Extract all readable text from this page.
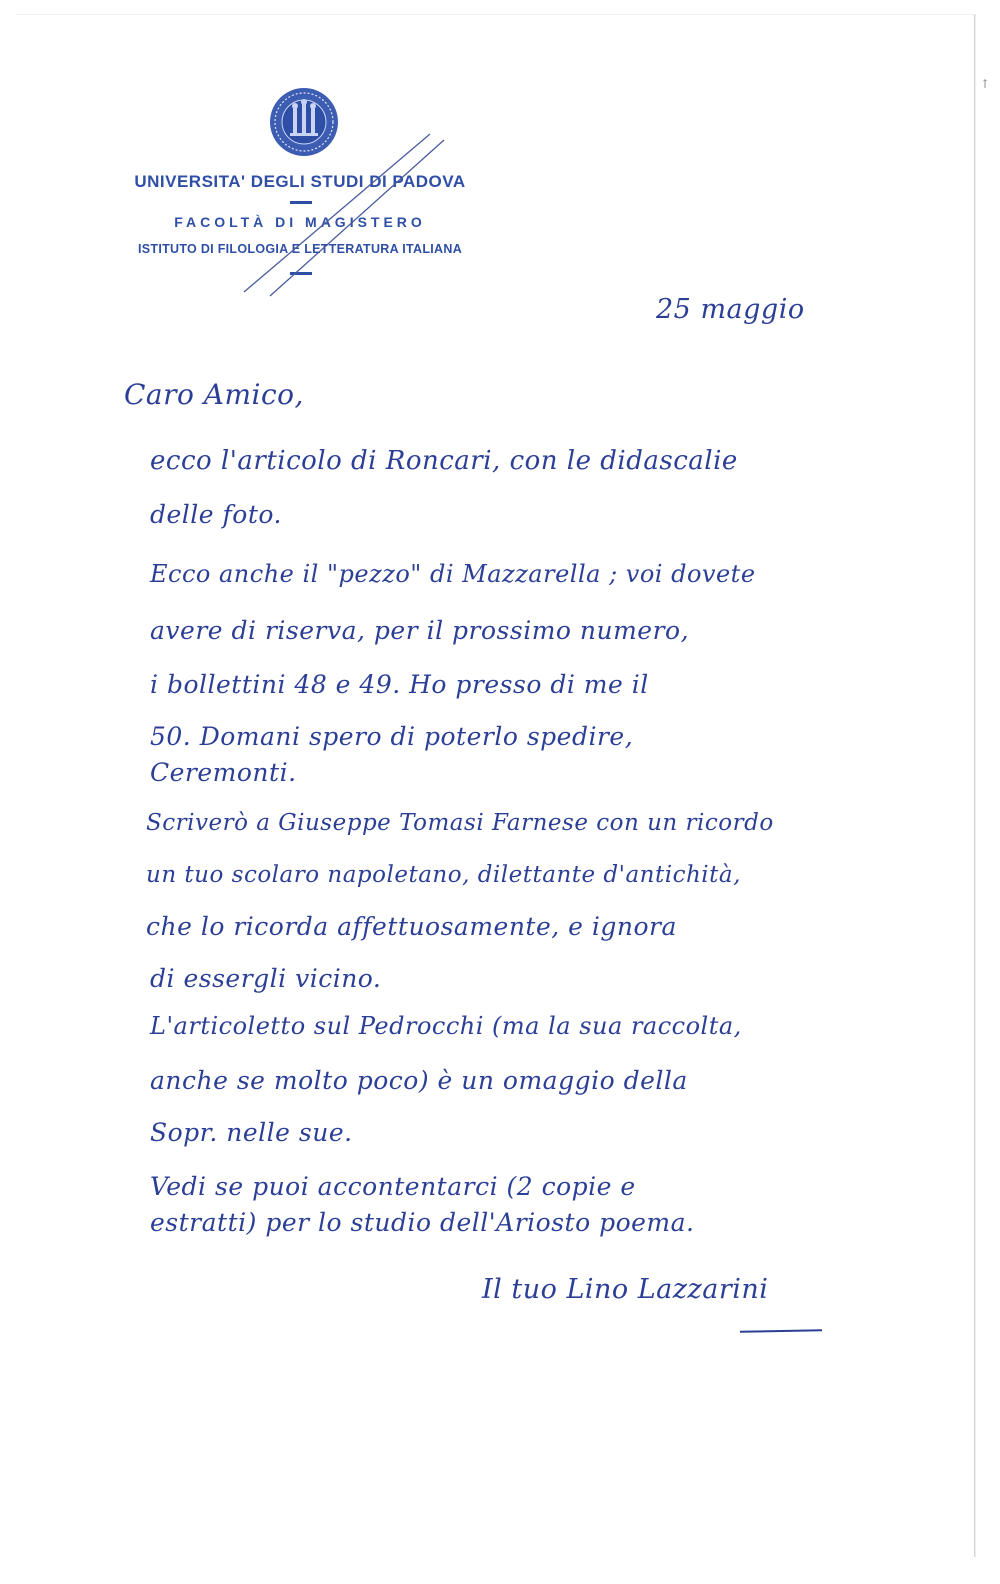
↑
UNIVERSITA' DEGLI STUDI DI PADOVA
FACOLTÀ DI MAGISTERO
ISTITUTO DI FILOLOGIA E LETTERATURA ITALIANA
25 maggio
Caro Amico,
ecco l'articolo di Roncari, con le didascalie
delle foto.
Ecco anche il "pezzo" di Mazzarella ; voi dovete
avere di riserva, per il prossimo numero,
i bollettini 48 e 49. Ho presso di me il
50. Domani spero di poterlo spedire,
Ceremonti.
Scriverò a Giuseppe Tomasi Farnese con un ricordo
un tuo scolaro napoletano, dilettante d'antichità,
che lo ricorda affettuosamente, e ignora
di essergli vicino.
L'articoletto sul Pedrocchi (ma la sua raccolta,
anche se molto poco) è un omaggio della
Sopr. nelle sue.
Vedi se puoi accontentarci (2 copie e
estratti) per lo studio dell'Ariosto poema.
Il tuo Lino Lazzarini
